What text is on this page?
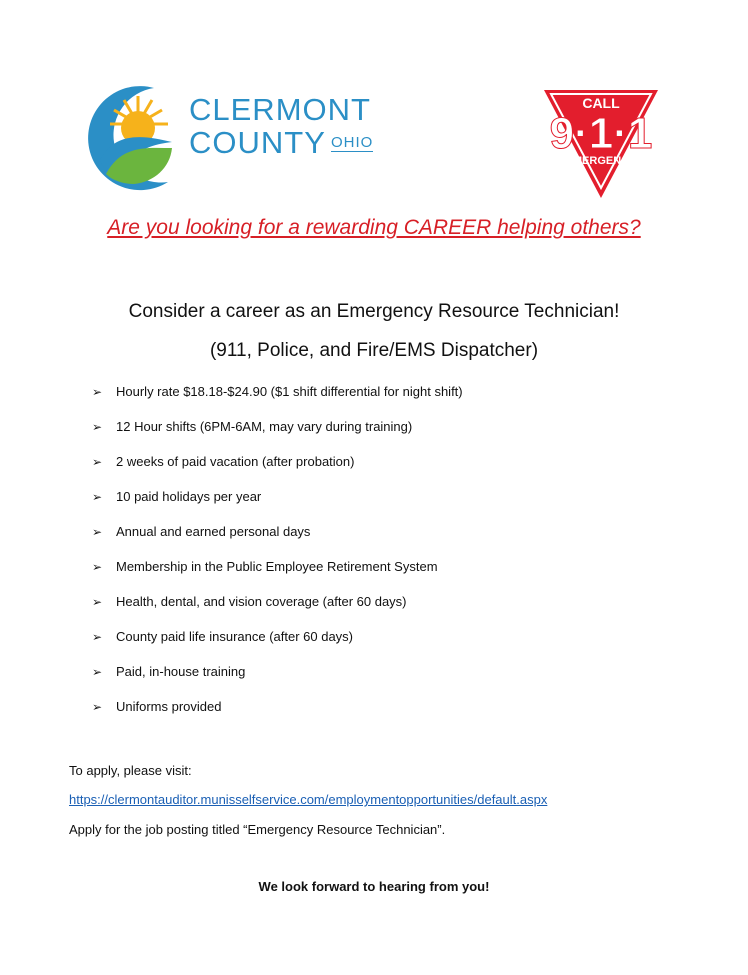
CLERMONT
COUNTY OHIO
CALL
9·1·1
EMERGENCY
Are you looking for a rewarding CAREER helping others?
Consider a career as an Emergency Resource Technician!
(911, Police, and Fire/EMS Dispatcher)
➢	Hourly rate $18.18-$24.90 ($1 shift differential for night shift)
➢	12 Hour shifts (6PM-6AM, may vary during training)
➢	2 weeks of paid vacation (after probation)
➢	10 paid holidays per year
➢	Annual and earned personal days
➢	Membership in the Public Employee Retirement System
➢	Health, dental, and vision coverage (after 60 days)
➢	County paid life insurance (after 60 days)
➢	Paid, in-house training
➢	Uniforms provided
To apply, please visit:
https://clermontauditor.munisselfservice.com/employmentopportunities/default.aspx
Apply for the job posting titled “Emergency Resource Technician”.
We look forward to hearing from you!
